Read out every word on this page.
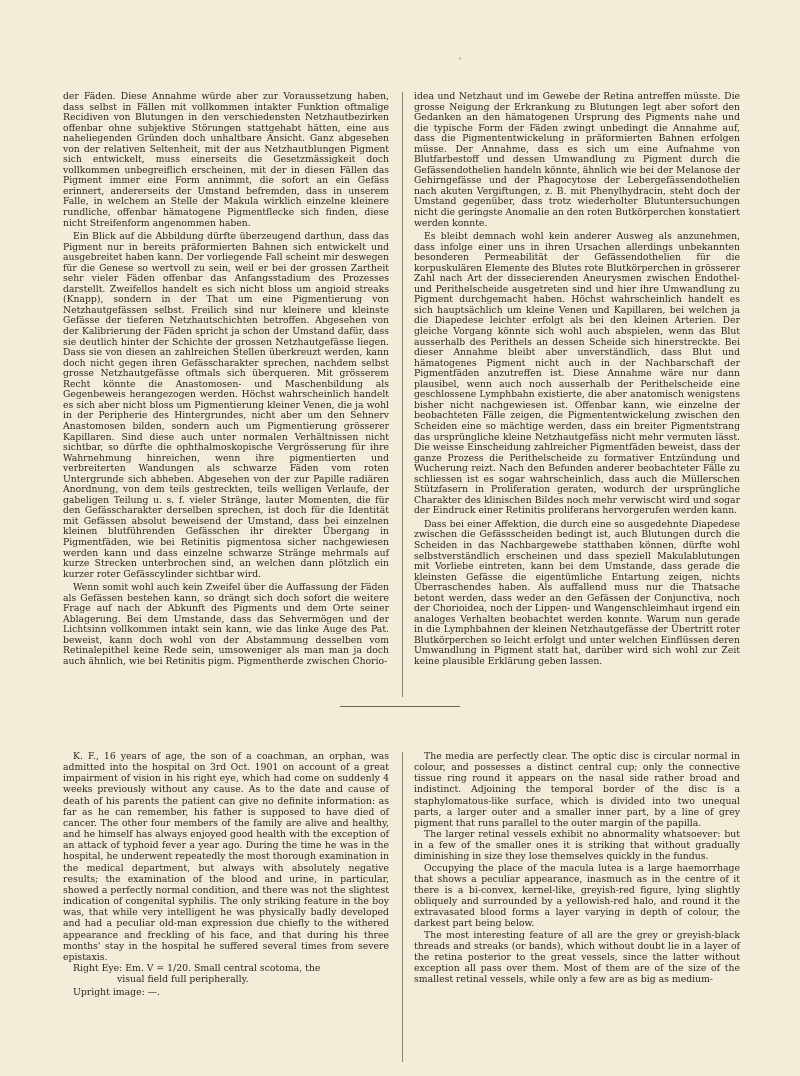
ˋ

der Fäden. Diese Annahme würde aber zur Voraussetzung haben, dass selbst in Fällen mit vollkommen intakter Funktion oftmalige Recidiven von Blutungen in den verschiedensten Netzhautbezirken offenbar ohne subjektive Störungen stattgehabt hätten, eine aus naheliegenden Gründen doch unhaltbare Ansicht. Ganz abgesehen von der relativen Seltenheit, mit der aus Netzhautblungen Pigment sich entwickelt, muss einerseits die Gesetzmässigkeit doch vollkommen unbegreiflich erscheinen, mit der in diesen Fällen das Pigment immer eine Form annimmt, die sofort an ein Gefäss erinnert, andererseits der Umstand befremden, dass in unserem Falle, in welchem an Stelle der Makula wirklich einzelne kleinere rundliche, offenbar hämatogene Pigmentflecke sich finden, diese nicht Streifenform angenommen haben.

Ein Blick auf die Abbildung dürfte überzeugend darthun, dass das Pigment nur in bereits präformierten Bahnen sich entwickelt und ausgebreitet haben kann. Der vorliegende Fall scheint mir deswegen für die Genese so wertvoll zu sein, weil er bei der grossen Zartheit sehr vieler Fäden offenbar das Anfangsstadium des Prozesses darstellt. Zweifellos handelt es sich nicht bloss um angioid streaks (Knapp), sondern in der That um eine Pigmentierung von Netzhautgefässen selbst. Freilich sind nur kleinere und kleinste Gefässe der tieferen Netzhautschichten betroffen. Abgesehen von der Kalibrierung der Fäden spricht ja schon der Umstand dafür, dass sie deutlich hinter der Schichte der grossen Netzhautgefässe liegen. Dass sie von diesen an zahlreichen Stellen überkreuzt werden, kann doch nicht gegen ihren Gefässcharakter sprechen, nachdem selbst grosse Netzhautgefässe oftmals sich überqueren. Mit grösserem Recht könnte die Anastomosen- und Maschenbildung als Gegenbeweis herangezogen werden. Höchst wahrscheinlich handelt es sich aber nicht bloss um Pigmentierung kleiner Venen, die ja wohl in der Peripherie des Hintergrundes, nicht aber um den Sehnerv Anastomosen bilden, sondern auch um Pigmentierung grösserer Kapillaren. Sind diese auch unter normalen Verhältnissen nicht sichtbar, so dürfte die ophthalmoskopische Vergrösserung für ihre Wahrnehmung hinreichen, wenn ihre pigmentierten und verbreiterten Wandungen als schwarze Fäden vom roten Untergrunde sich abheben. Abgesehen von der zur Papille radiären Anordnung, von dem teils gestreckten, teils welligen Verlaufe, der gabeligen Teilung u. s. f. vieler Stränge, lauter Momenten, die für den Gefässcharakter derselben sprechen, ist doch für die Identität mit Gefässen absolut beweisend der Umstand, dass bei einzelnen kleinen blutführenden Gefässchen ihr direkter Übergang in Pigmentfäden, wie bei Retinitis pigmentosa sicher nachgewiesen werden kann und dass einzelne schwarze Stränge mehrmals auf kurze Strecken unterbrochen sind, an welchen dann plötzlich ein kurzer roter Gefässcylinder sichtbar wird.

Wenn somit wohl auch kein Zweifel über die Auffassung der Fäden als Gefässen bestehen kann, so drängt sich doch sofort die weitere Frage auf nach der Abkunft des Pigments und dem Orte seiner Ablagerung. Bei dem Umstande, dass das Sehvermögen und der Lichtsinn vollkommen intakt sein kann, wie das linke Auge des Pat. beweist, kann doch wohl von der Abstammung desselben vom Retinalepithel keine Rede sein, umsoweniger als man man ja doch auch ähnlich, wie bei Retinitis pigm. Pigmentherde zwischen Chorio-

idea und Netzhaut und im Gewebe der Retina antreffen müsste. Die grosse Neigung der Erkrankung zu Blutungen legt aber sofort den Gedanken an den hämatogenen Ursprung des Pigments nahe und die typische Form der Fäden zwingt unbedingt die Annahme auf, dass die Pigmententwickelung in präformierten Bahnen erfolgen müsse. Der Annahme, dass es sich um eine Aufnahme von Blutfarbestoff und dessen Umwandlung zu Pigment durch die Gefässendothelien handeln könnte, ähnlich wie bei der Melanose der Gehirngefässe und der Phagocytose der Lebergefässendothelien nach akuten Vergiftungen, z. B. mit Phenylhydracin, steht doch der Umstand gegenüber, dass trotz wiederholter Blutuntersuchungen nicht die geringste Anomalie an den roten Butkörperchen konstatiert werden konnte.

Es bleibt demnach wohl kein anderer Ausweg als anzunehmen, dass infolge einer uns in ihren Ursachen allerdings unbekannten besonderen Permeabilität der Gefässendothelien für die korpuskulären Elemente des Blutes rote Blutkörperchen in grösserer Zahl nach Art der dissecierenden Aneurysmen zwischen Endothel- und Perithelscheide ausgetreten sind und hier ihre Umwandlung zu Pigment durchgemacht haben. Höchst wahrscheinlich handelt es sich hauptsächlich um kleine Venen und Kapillaren, bei welchen ja die Diapedese leichter erfolgt als bei den kleinen Arterien. Der gleiche Vorgang könnte sich wohl auch abspielen, wenn das Blut ausserhalb des Perithels an dessen Scheide sich hinerstreckte. Bei dieser Annahme bleibt aber unverständlich, dass Blut und hämatogenes Pigment nicht auch in der Nachbarschaft der Pigmentfäden anzutreffen ist. Diese Annahme wäre nur dann plausibel, wenn auch noch ausserhalb der Perithelscheide eine geschlossene Lymphbahn existierte, die aber anatomisch wenigstens bisher nicht nachgewiesen ist. Offenbar kann, wie einzelne der beobachteten Fälle zeigen, die Pigmententwickelung zwischen den Scheiden eine so mächtige werden, dass ein breiter Pigmentstrang das ursprüngliche kleine Netzhautgefäss nicht mehr vermuten lässt. Die weisse Einscheidung zahlreicher Pigmentfäden beweist, dass der ganze Prozess die Perithelscheide zu formativer Entzündung und Wucherung reizt. Nach den Befunden anderer beobachteter Fälle zu schliessen ist es sogar wahrscheinlich, dass auch die Müllerschen Stützfasern in Proliferation geraten, wodurch der ursprüngliche Charakter des klinischen Bildes noch mehr verwischt wird und sogar der Eindruck einer Retinitis proliferans hervorgerufen werden kann.

Dass bei einer Affektion, die durch eine so ausgedehnte Diapedese zwischen die Gefässscheiden bedingt ist, auch Blutungen durch die Scheiden in das Nachbargewebe statthaben können, dürfte wohl selbstverständlich erscheinen und dass speziell Makulablutungen mit Vorliebe eintreten, kann bei dem Umstande, dass gerade die kleinsten Gefässe die eigentümliche Entartung zeigen, nichts Überraschendes haben. Als auffallend muss nur die Thatsache betont werden, dass weder an den Gefässen der Conjunctiva, noch der Chorioidea, noch der Lippen- und Wangenschleimhaut irgend ein analoges Verhalten beobachtet werden konnte. Warum nun gerade in die Lymphbahnen der kleinen Netzhautgefässe der Übertritt roter Blutkörperchen so leicht erfolgt und unter welchen Einflüssen deren Umwandlung in Pigment statt hat, darüber wird sich wohl zur Zeit keine plausible Erklärung geben lassen.

K. F., 16 years of age, the son of a coachman, an orphan, was admitted into the hospital on 3rd Oct. 1901 on account of a great impairment of vision in his right eye, which had come on suddenly 4 weeks previously without any cause. As to the date and cause of death of his parents the patient can give no definite information: as far as he can remember, his father is supposed to have died of cancer. The other four members of the family are alive and healthy, and he himself has always enjoyed good health with the exception of an attack of typhoid fever a year ago. During the time he was in the hospital, he underwent repeatedly the most thorough examination in the medical department, but always with absolutely negative results; the examination of the blood and urine, in particular, showed a perfectly normal condition, and there was not the slightest indication of congenital syphilis. The only striking feature in the boy was, that while very intelligent he was physically badly developed and had a peculiar old-man expression due chiefly to the withered appearance and freckling of his face, and that during his three months' stay in the hospital he suffered several times from severe epistaxis.

Right Eye: Em. V = 1/20. Small central scotoma, the
visual field full peripherally.

Upright image: —.

The media are perfectly clear. The optic disc is circular normal in colour, and possesses a distinct central cup; only the connective tissue ring round it appears on the nasal side rather broad and indistinct. Adjoining the temporal border of the disc is a staphylomatous-like surface, which is divided into two unequal parts, a larger outer and a smaller inner part, by a line of grey pigment that runs parallel to the outer margin of the papilla.

The larger retinal vessels exhibit no abnormality whatsoever: but in a few of the smaller ones it is striking that without gradually diminishing in size they lose themselves quickly in the fundus.

Occupying the place of the macula lutea is a large haemorrhage that shows a peculiar appearance, inasmuch as in the centre of it there is a bi-convex, kernel-like, greyish-red figure, lying slightly obliquely and surrounded by a yellowish-red halo, and round it the extravasated blood forms a layer varying in depth of colour, the darkest part being below.

The most interesting feature of all are the grey or greyish-black threads and streaks (or bands), which without doubt lie in a layer of the retina posterior to the great vessels, since the latter without exception all pass over them. Most of them are of the size of the smallest retinal vessels, while only a few are as big as medium-
